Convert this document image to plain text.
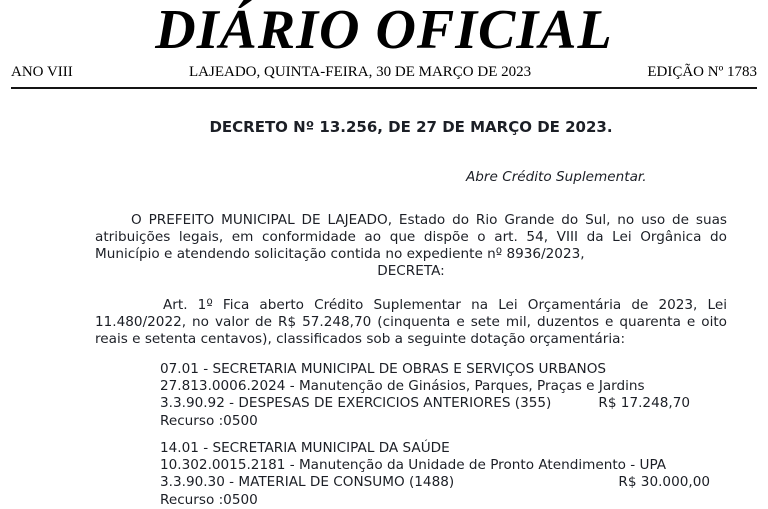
DIÁRIO OFICIAL
ANO VIII	LAJEADO, QUINTA-FEIRA, 30 DE MARÇO DE 2023	EDIÇÃO Nº 1783
DECRETO Nº 13.256, DE 27 DE MARÇO DE 2023.
Abre Crédito Suplementar.

O PREFEITO MUNICIPAL DE LAJEADO, Estado do Rio Grande do Sul, no uso de suas atribuições legais, em conformidade ao que dispõe o art. 54, VIII da Lei Orgânica do Município e atendendo solicitação contida no expediente nº 8936/2023,

DECRETA:

Art. 1º Fica aberto Crédito Suplementar na Lei Orçamentária de 2023, Lei 11.480/2022, no valor de R$ 57.248,70 (cinquenta e sete mil, duzentos e quarenta e oito reais e setenta centavos), classificados sob a seguinte dotação orçamentária:

07.01 - SECRETARIA MUNICIPAL DE OBRAS E SERVIÇOS URBANOS
27.813.0006.2024 - Manutenção de Ginásios, Parques, Praças e Jardins
3.3.90.92 - DESPESAS DE EXERCICIOS ANTERIORES (355)	R$ 17.248,70
Recurso :0500
14.01 - SECRETARIA MUNICIPAL DA SAÚDE
10.302.0015.2181 - Manutenção da Unidade de Pronto Atendimento - UPA
3.3.90.30 - MATERIAL DE CONSUMO (1488)	R$ 30.000,00
Recurso :0500
